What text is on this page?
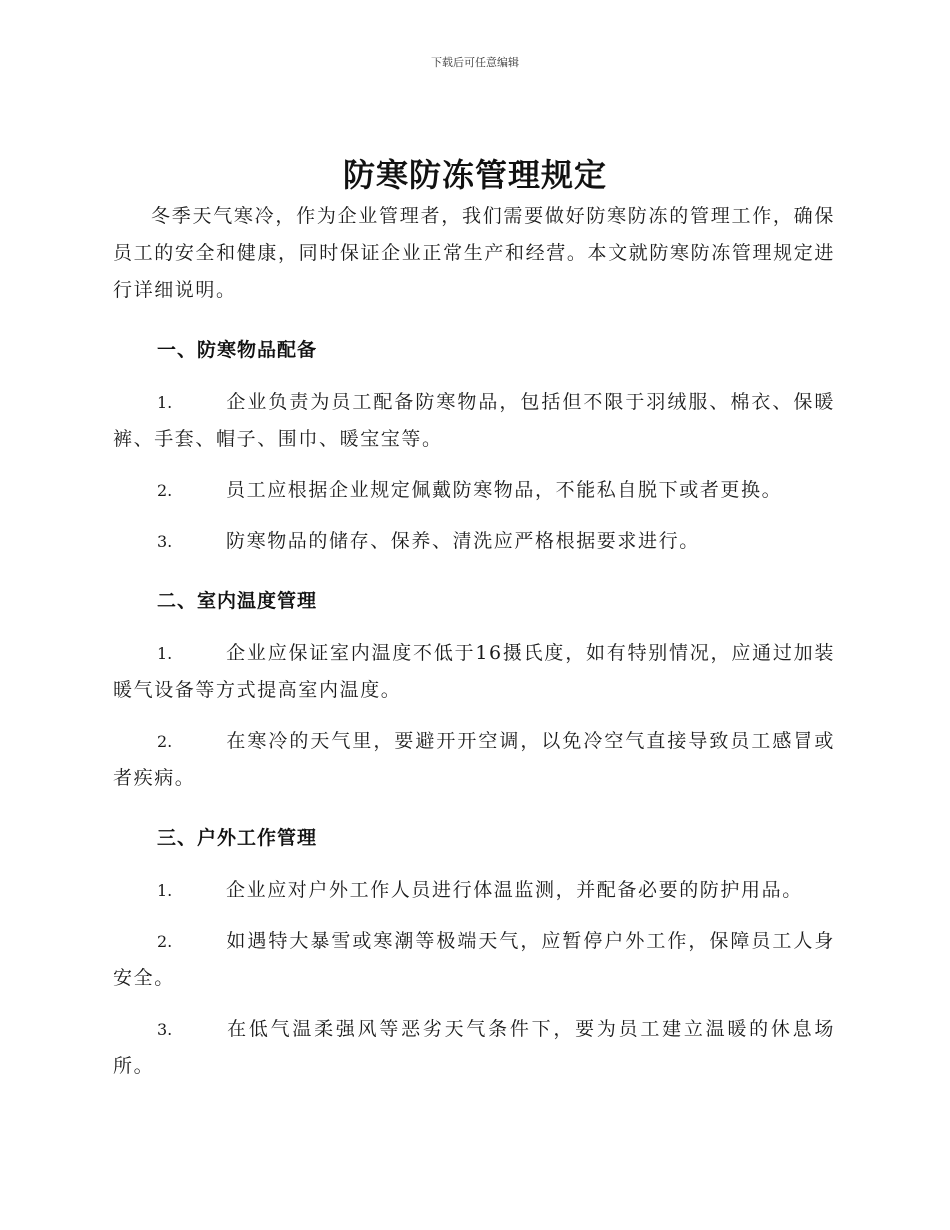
下载后可任意编辑
防寒防冻管理规定

冬季天气寒冷，作为企业管理者，我们需要做好防寒防冻的管理工作，确保员工的安全和健康，同时保证企业正常生产和经营。本文就防寒防冻管理规定进行详细说明。

一、防寒物品配备

1.	企业负责为员工配备防寒物品，包括但不限于羽绒服、棉衣、保暖裤、手套、帽子、围巾、暖宝宝等。

2.	员工应根据企业规定佩戴防寒物品，不能私自脱下或者更换。

3.	防寒物品的储存、保养、清洗应严格根据要求进行。

二、室内温度管理

1.	企业应保证室内温度不低于16摄氏度，如有特别情况，应通过加装暖气设备等方式提高室内温度。

2.	在寒冷的天气里，要避开开空调，以免冷空气直接导致员工感冒或者疾病。

三、户外工作管理

1.	企业应对户外工作人员进行体温监测，并配备必要的防护用品。

2.	如遇特大暴雪或寒潮等极端天气，应暂停户外工作，保障员工人身安全。

3.	在低气温柔强风等恶劣天气条件下，要为员工建立温暖的休息场所。
